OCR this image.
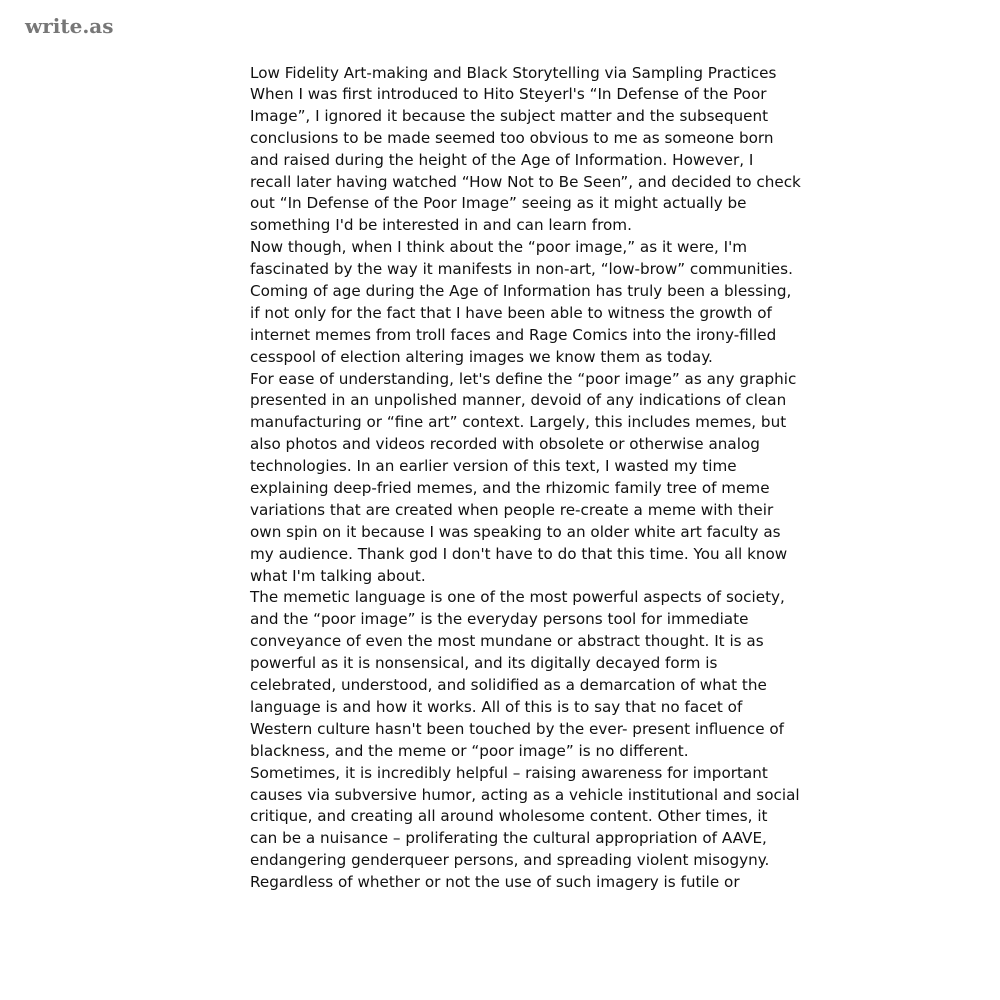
write.as
Low Fidelity Art-making and Black Storytelling via Sampling Practices

When I was first introduced to Hito Steyerl's “In Defense of the Poor
Image”, I ignored it because the subject matter and the subsequent
conclusions to be made seemed too obvious to me as someone born
and raised during the height of the Age of Information. However, I
recall later having watched “How Not to Be Seen”, and decided to check
out “In Defense of the Poor Image” seeing as it might actually be
something I'd be interested in and can learn from.

Now though, when I think about the “poor image,” as it were, I'm
fascinated by the way it manifests in non-art, “low-brow” communities.
Coming of age during the Age of Information has truly been a blessing,
if not only for the fact that I have been able to witness the growth of
internet memes from troll faces and Rage Comics into the irony-filled
cesspool of election altering images we know them as today.

For ease of understanding, let's define the “poor image” as any graphic
presented in an unpolished manner, devoid of any indications of clean
manufacturing or “fine art” context. Largely, this includes memes, but
also photos and videos recorded with obsolete or otherwise analog
technologies. In an earlier version of this text, I wasted my time
explaining deep-fried memes, and the rhizomic family tree of meme
variations that are created when people re-create a meme with their
own spin on it because I was speaking to an older white art faculty as
my audience. Thank god I don't have to do that this time. You all know
what I'm talking about.

The memetic language is one of the most powerful aspects of society,
and the “poor image” is the everyday persons tool for immediate
conveyance of even the most mundane or abstract thought. It is as
powerful as it is nonsensical, and its digitally decayed form is
celebrated, understood, and solidified as a demarcation of what the
language is and how it works. All of this is to say that no facet of
Western culture hasn't been touched by the ever- present influence of
blackness, and the meme or “poor image” is no different.

Sometimes, it is incredibly helpful – raising awareness for important
causes via subversive humor, acting as a vehicle institutional and social
critique, and creating all around wholesome content. Other times, it
can be a nuisance – proliferating the cultural appropriation of AAVE,
endangering genderqueer persons, and spreading violent misogyny.
Regardless of whether or not the use of such imagery is futile or
